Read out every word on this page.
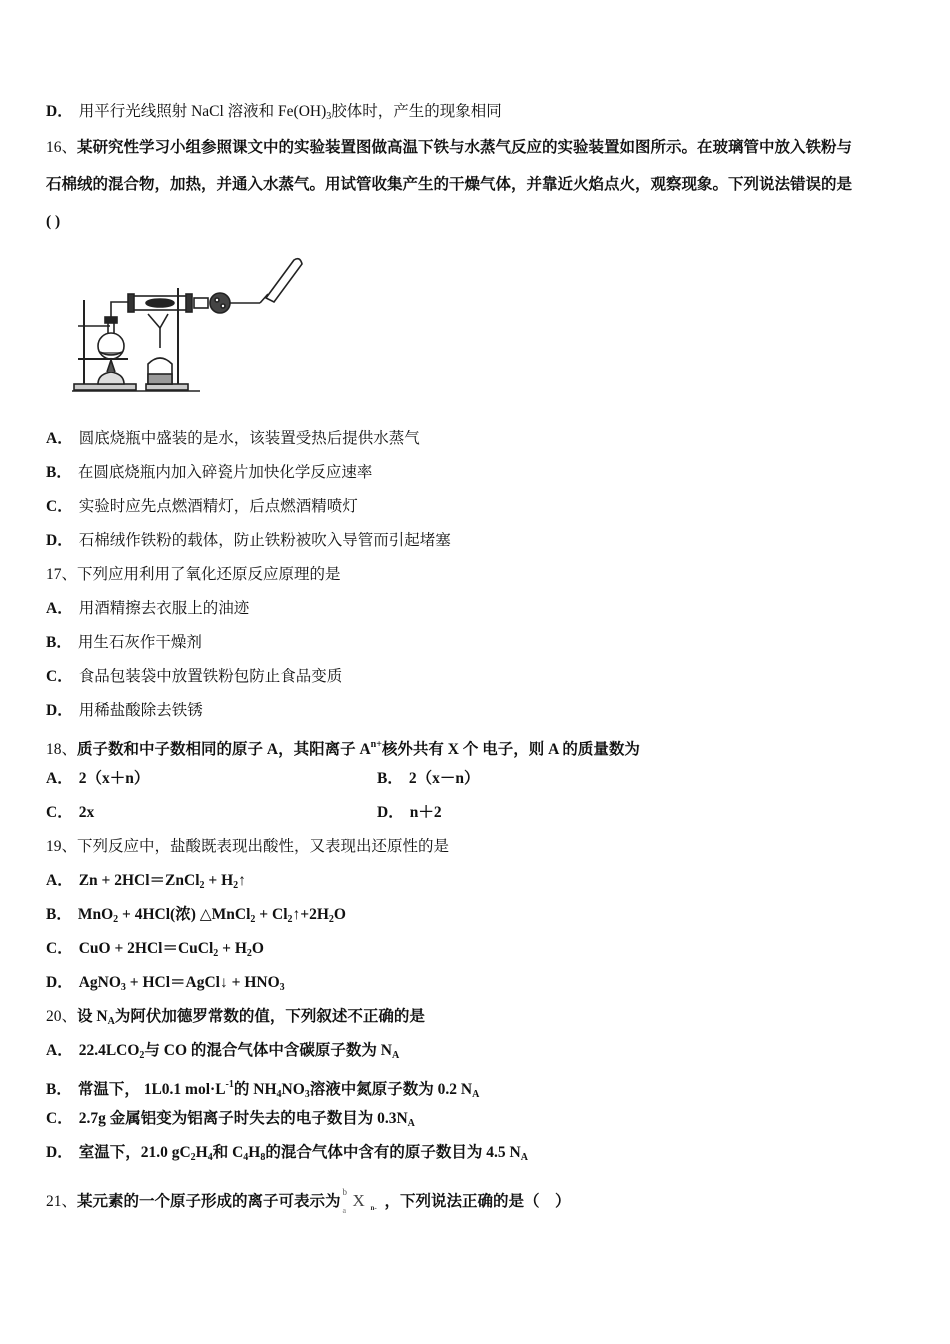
D． 用平行光线照射 NaCl 溶液和 $Fe(OH)_3$胶体时，产生的现象相同
16、某研究性学习小组参照课文中的实验装置图做高温下铁与水蒸气反应的实验装置如图所示。在玻璃管中放入铁粉与
石棉绒的混合物，加热，并通入水蒸气。用试管收集产生的干燥气体，并靠近火焰点火，观察现象。下列说法错误的是
( )
A． 圆底烧瓶中盛装的是水，该装置受热后提供水蒸气
B． 在圆底烧瓶内加入碎瓷片加快化学反应速率
C． 实验时应先点燃酒精灯，后点燃酒精喷灯
D． 石棉绒作铁粉的载体，防止铁粉被吹入导管而引起堵塞
17、下列应用利用了氧化还原反应原理的是
A． 用酒精擦去衣服上的油迹
B． 用生石灰作干燥剂
C． 食品包装袋中放置铁粉包防止食品变质
D． 用稀盐酸除去铁锈
18、质子数和中子数相同的原子 A，其阳离子 $A^{n+}$核外共有 X 个 电子，则 A 的质量数为
A． 2（x＋n）	B． 2（x－n）
C． 2x	D． n＋2
19、下列反应中，盐酸既表现出酸性，又表现出还原性的是
A． Zn + 2HCl＝ZnCl$_2$ + $H_2↑$
B． MnO$_2$ + 4HCl(浓) △MnCl$_2$ + $Cl_2↑+2H_2O$
C． CuO + 2HCl＝CuCl$_2$ + $H_2O$
D． AgNO$_3$ + HCl＝AgCl↓ + $HNO_3$
20、设 $N_A$为阿伏加德罗常数的值，下列叙述不正确的是
A． $22.4LCO_2$与 CO 的混合气体中含碳原子数为 $N_A$
B． 常温下， 1L0.1 $mol\cdot L^{-1}$的 $NH_4NO_3$溶液中氮原子数为 0.2 $N_A$
C． 2.7g 金属铝变为铝离子时失去的电子数目为 $0.3N_A$
D． 室温下，21.0 $gC_2H_4$和 $C_4H_8$的混合气体中含有的原子数目为 4.5 $N_A$
21、某元素的一个原子形成的离子可表示为
b
a
X n- ，下列说法正确的是（　）
